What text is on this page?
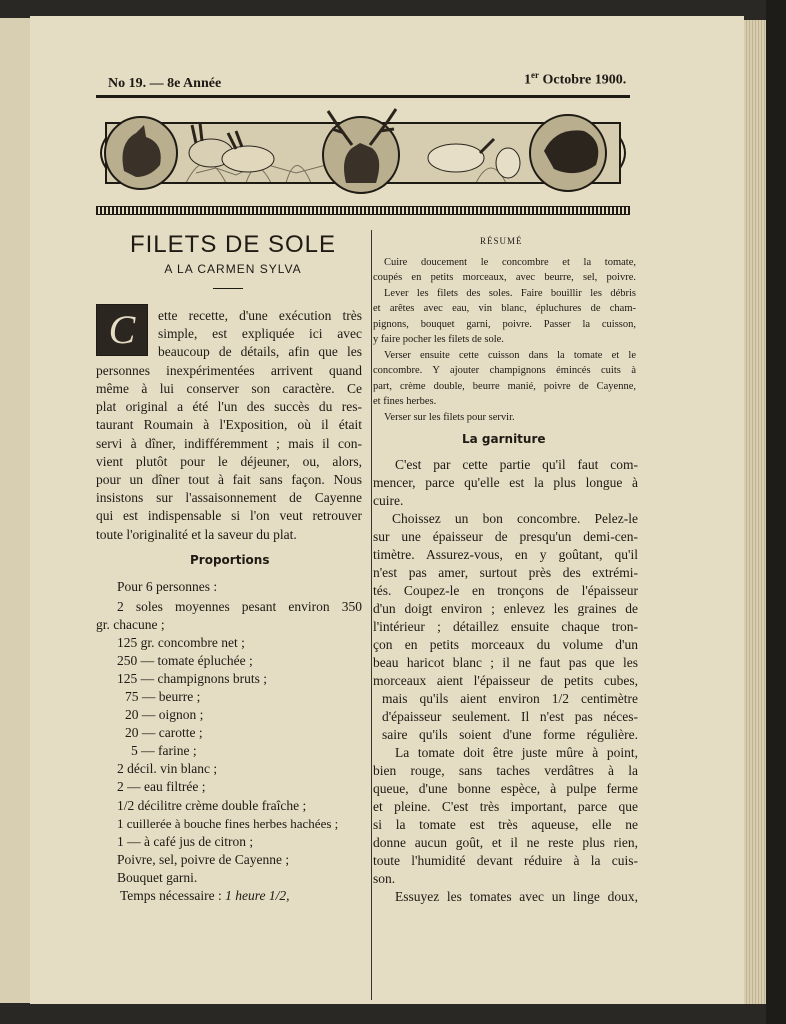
No 19. — 8e Année	1er Octobre 1900.
FILETS DE SOLE
A LA CARMEN SYLVA
C	ette recette, d'une exécution très
simple, est expliquée ici avec
beaucoup de détails, afin que les
personnes inexpérimentées arrivent quand
même à lui conserver son caractère. Ce
plat original a été l'un des succès du res-
taurant Roumain à l'Exposition, où il était
servi à dîner, indifféremment ; mais il con-
vient plutôt pour le déjeuner, ou, alors,
pour un dîner tout à fait sans façon. Nous
insistons sur l'assaisonnement de Cayenne
qui est indispensable si l'on veut retrouver
toute l'originalité et la saveur du plat.
Proportions
Pour 6 personnes :
2 soles moyennes pesant environ 350
gr. chacune ;
125 gr. concombre net ;
250 — tomate épluchée ;
125 — champignons bruts ;
75 — beurre ;
20 — oignon ;
20 — carotte ;
5 — farine ;
2 décil. vin blanc ;
2 — eau filtrée ;
1/2 décilitre crème double fraîche ;
1 cuillerée à bouche fines herbes hachées ;
1 — à café jus de citron ;
Poivre, sel, poivre de Cayenne ;
Bouquet garni.
Temps nécessaire : 1 heure 1/2,
RÉSUMÉ
Cuire doucement le concombre et la tomate,
coupés en petits morceaux, avec beurre, sel, poivre.
Lever les filets des soles. Faire bouillir les débris
et arêtes avec eau, vin blanc, épluchures de cham-
pignons, bouquet garni, poivre. Passer la cuisson,
y faire pocher les filets de sole.
Verser ensuite cette cuisson dans la tomate et le
concombre. Y ajouter champignons émincés cuits à
part, crème double, beurre manié, poivre de Cayenne,
et fines herbes.
Verser sur les filets pour servir.
La garniture
C'est par cette partie qu'il faut com-
mencer, parce qu'elle est la plus longue à
cuire.
Choissez un bon concombre. Pelez-le
sur une épaisseur de presqu'un demi-cen-
timètre. Assurez-vous, en y goûtant, qu'il
n'est pas amer, surtout près des extrémi-
tés. Coupez-le en tronçons de l'épaisseur
d'un doigt environ ; enlevez les graines de
l'intérieur ; détaillez ensuite chaque tron-
çon en petits morceaux du volume d'un
beau haricot blanc ; il ne faut pas que les
morceaux aient l'épaisseur de petits cubes,
mais qu'ils aient environ 1/2 centimètre
d'épaisseur seulement. Il n'est pas néces-
saire qu'ils soient d'une forme régulière.
La tomate doit être juste mûre à point,
bien rouge, sans taches verdâtres à la
queue, d'une bonne espèce, à pulpe ferme
et pleine. C'est très important, parce que
si la tomate est très aqueuse, elle ne
donne aucun goût, et il ne reste plus rien,
toute l'humidité devant réduire à la cuis-
son.
Essuyez les tomates avec un linge doux,
